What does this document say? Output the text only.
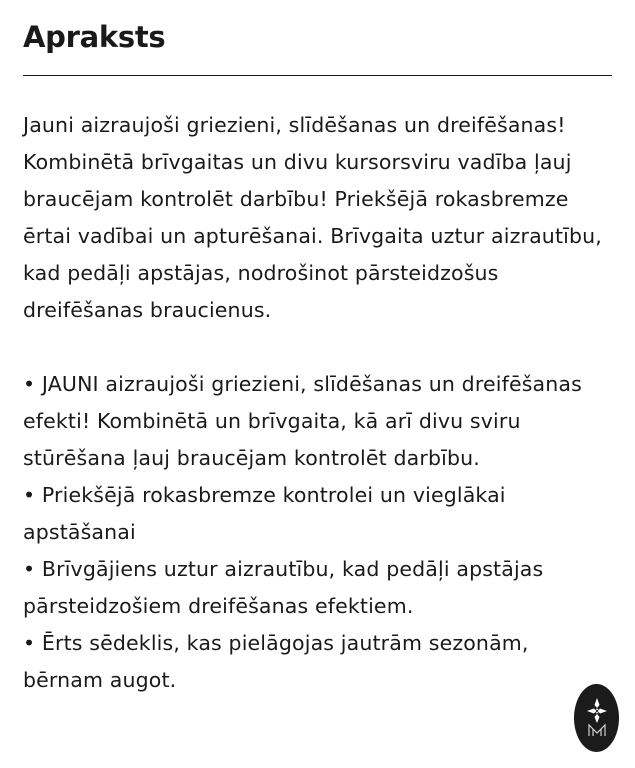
Apraksts

Jauni aizraujoši griezieni, slīdēšanas un dreifēšanas! Kombinētā brīvgaitas un divu kursorsviru vadība ļauj braucējam kontrolēt darbību! Priekšējā rokasbremze ērtai vadībai un apturēšanai. Brīvgaita uztur aizrautību, kad pedāļi apstājas, nodrošinot pārsteidzošus dreifēšanas braucienus.

• JAUNI aizraujoši griezieni, slīdēšanas un dreifēšanas efekti! Kombinētā un brīvgaita, kā arī divu sviru stūrēšana ļauj braucējam kontrolēt darbību.

• Priekšējā rokasbremze kontrolei un vieglākai apstāšanai

• Brīvgājiens uztur aizrautību, kad pedāļi apstājas pārsteidzošiem dreifēšanas efektiem.

• Ērts sēdeklis, kas pielāgojas jautrām sezonām, bērnam augot.
